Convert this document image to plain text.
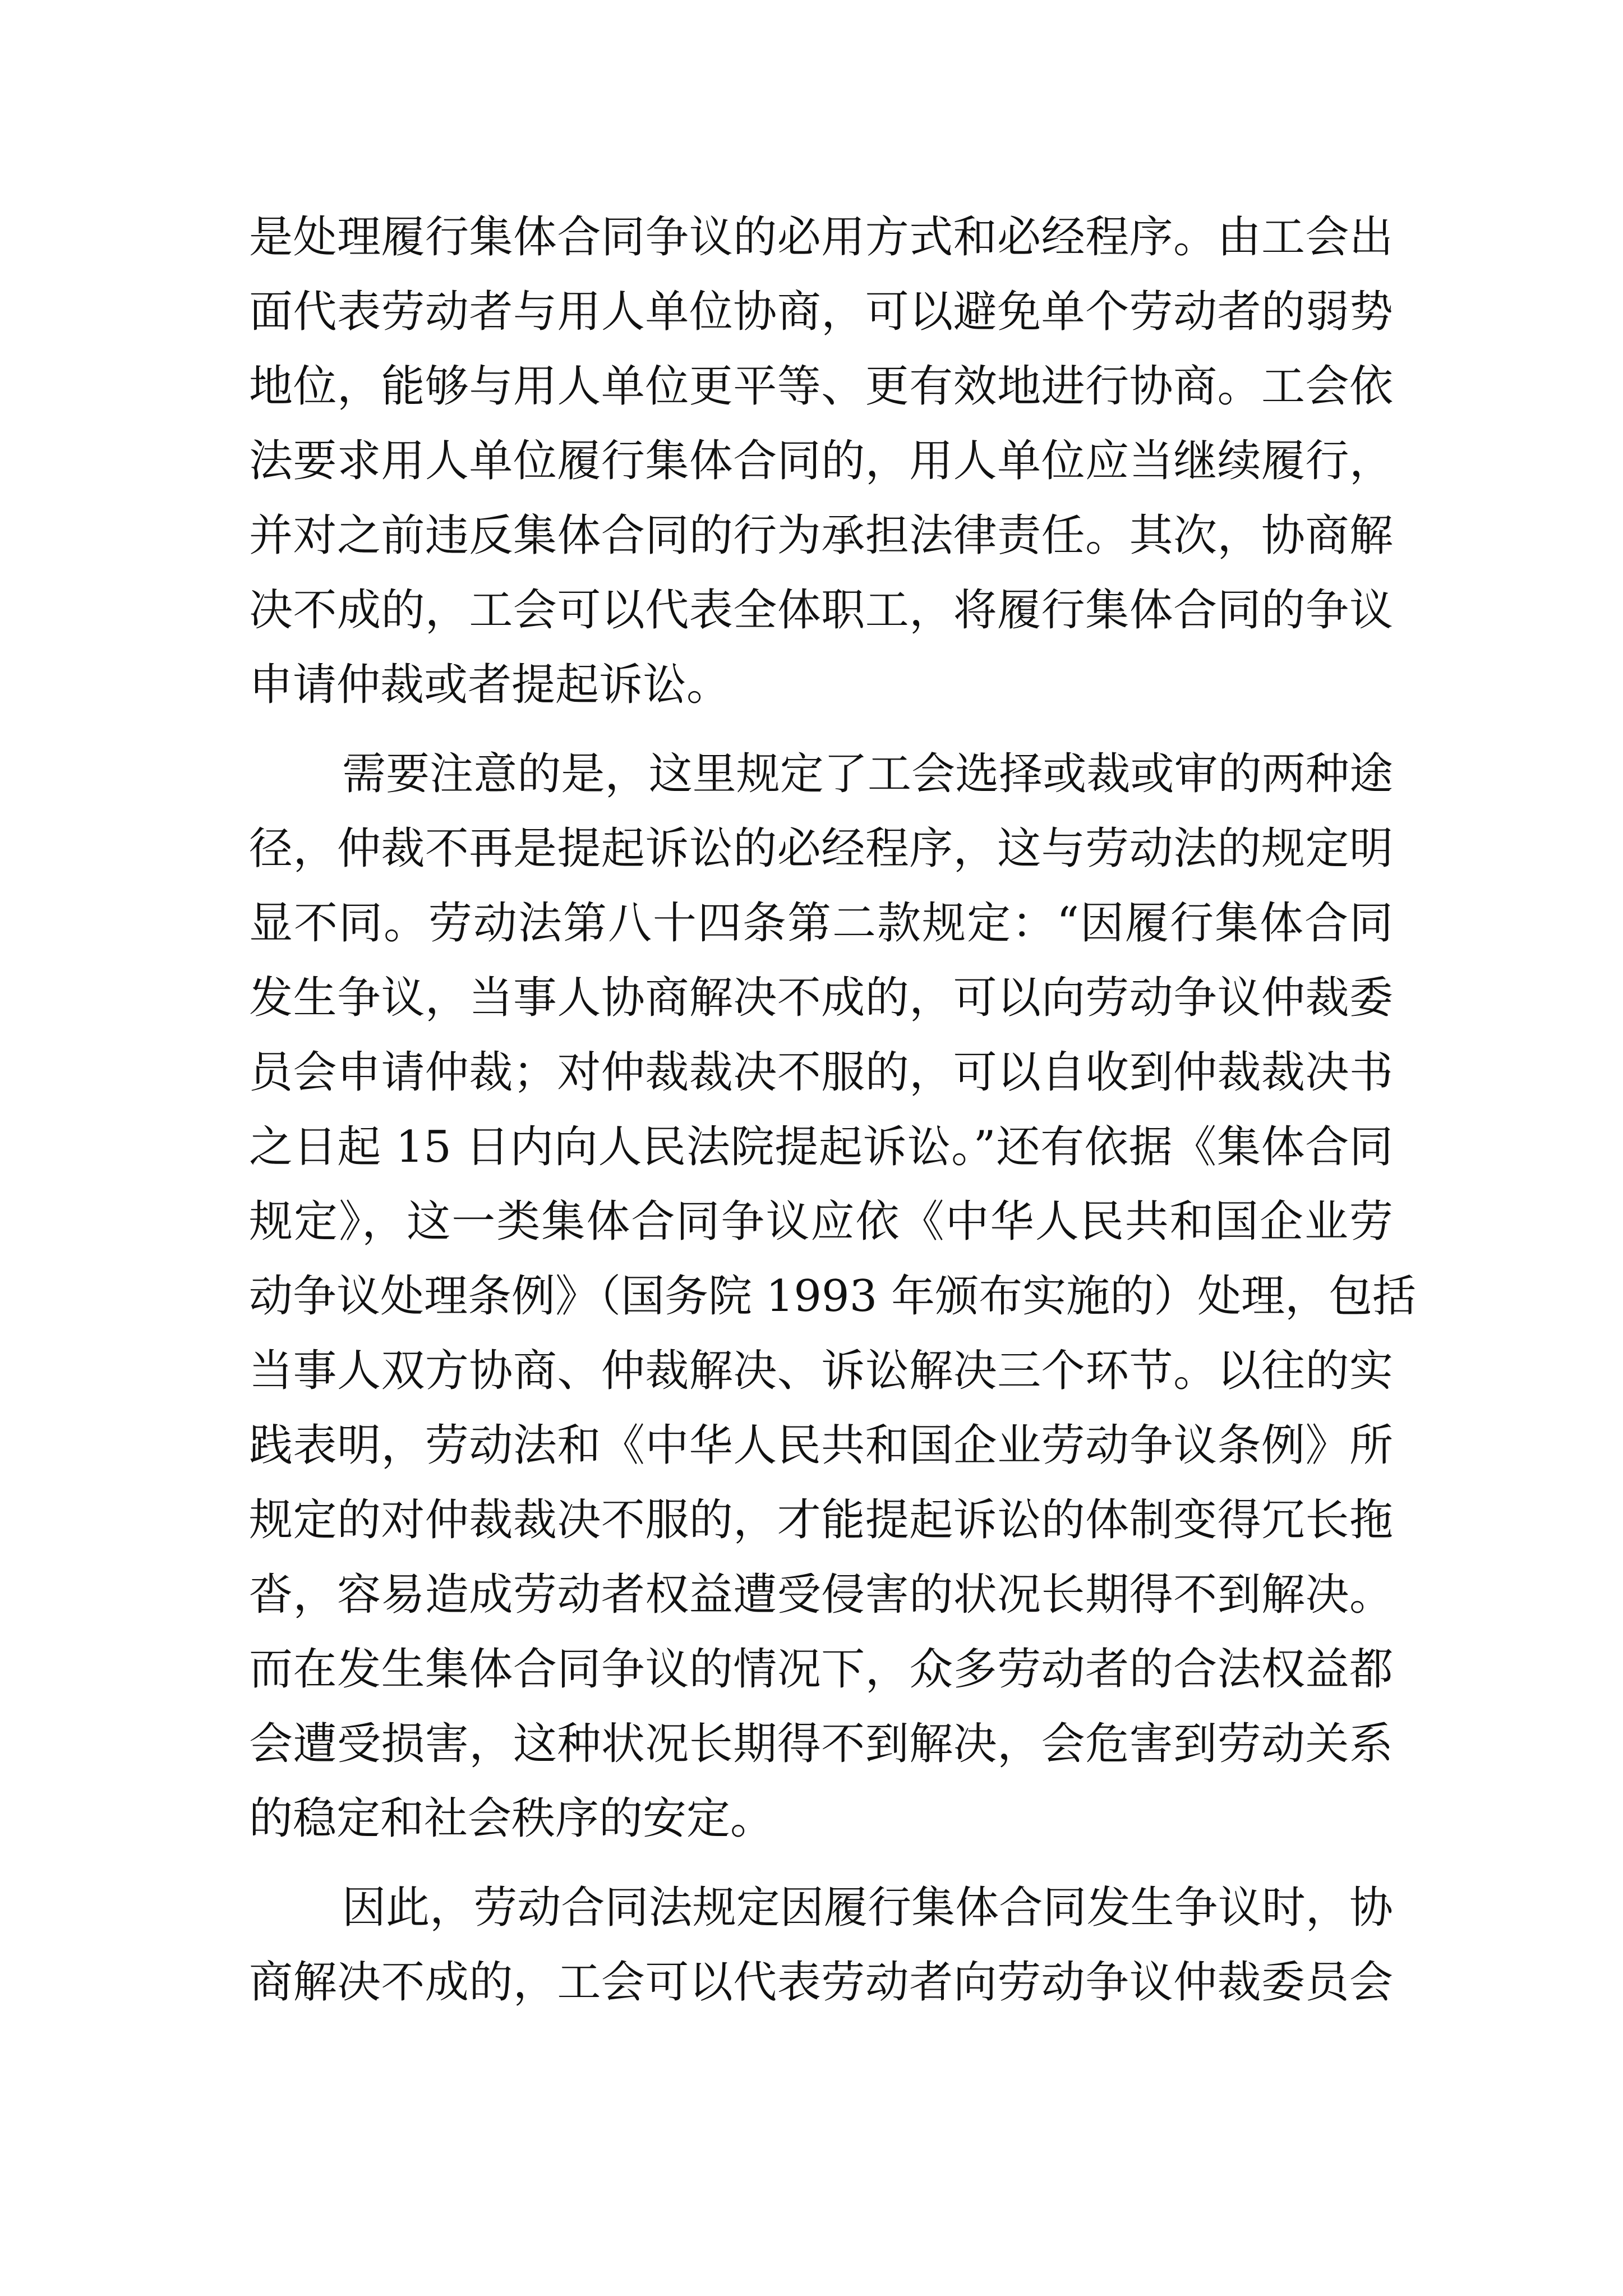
是处理履行集体合同争议的必用方式和必经程序。由工会出
面代表劳动者与用人单位协商，可以避免单个劳动者的弱势
地位，能够与用人单位更平等、更有效地进行协商。工会依
法要求用人单位履行集体合同的，用人单位应当继续履行，
并对之前违反集体合同的行为承担法律责任。其次，协商解
决不成的，工会可以代表全体职工，将履行集体合同的争议
申请仲裁或者提起诉讼。
需要注意的是，这里规定了工会选择或裁或审的两种途
径，仲裁不再是提起诉讼的必经程序，这与劳动法的规定明
显不同。劳动法第八十四条第二款规定：“因履行集体合同
发生争议，当事人协商解决不成的，可以向劳动争议仲裁委
员会申请仲裁；对仲裁裁决不服的，可以自收到仲裁裁决书
之日起 15 日内向人民法院提起诉讼。”还有依据《集体合同
规定》，这一类集体合同争议应依《中华人民共和国企业劳
动争议处理条例》（国务院 1993 年颁布实施的）处理，包括
当事人双方协商、仲裁解决、诉讼解决三个环节。以往的实
践表明，劳动法和《中华人民共和国企业劳动争议条例》所
规定的对仲裁裁决不服的，才能提起诉讼的体制变得冗长拖
沓，容易造成劳动者权益遭受侵害的状况长期得不到解决。
而在发生集体合同争议的情况下，众多劳动者的合法权益都
会遭受损害，这种状况长期得不到解决，会危害到劳动关系
的稳定和社会秩序的安定。
因此，劳动合同法规定因履行集体合同发生争议时，协
商解决不成的，工会可以代表劳动者向劳动争议仲裁委员会
